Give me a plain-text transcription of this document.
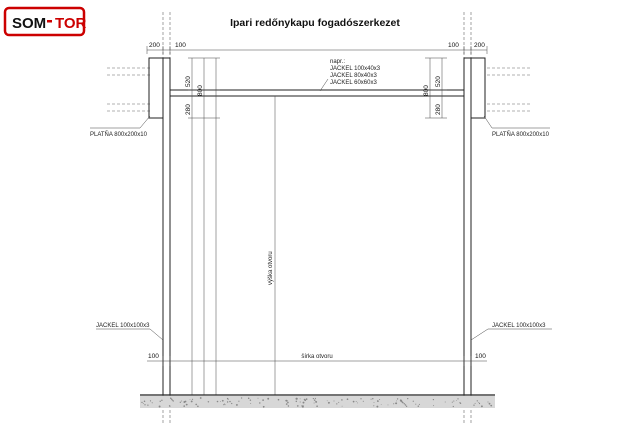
SOM TOR	Ipari redőnykapu fogadószerkezet
200 100	100 200
520
800
280
520
800
280
napr.:
JACKEL 100x40x3
JACKEL 80x40x3
JACKEL 60x60x3
výška otvoru
PLATŇA 800x200x10	PLATŇA 800x200x10
JACKEL 100x100x3	JACKEL 100x100x3
100	100
šírka otvoru
